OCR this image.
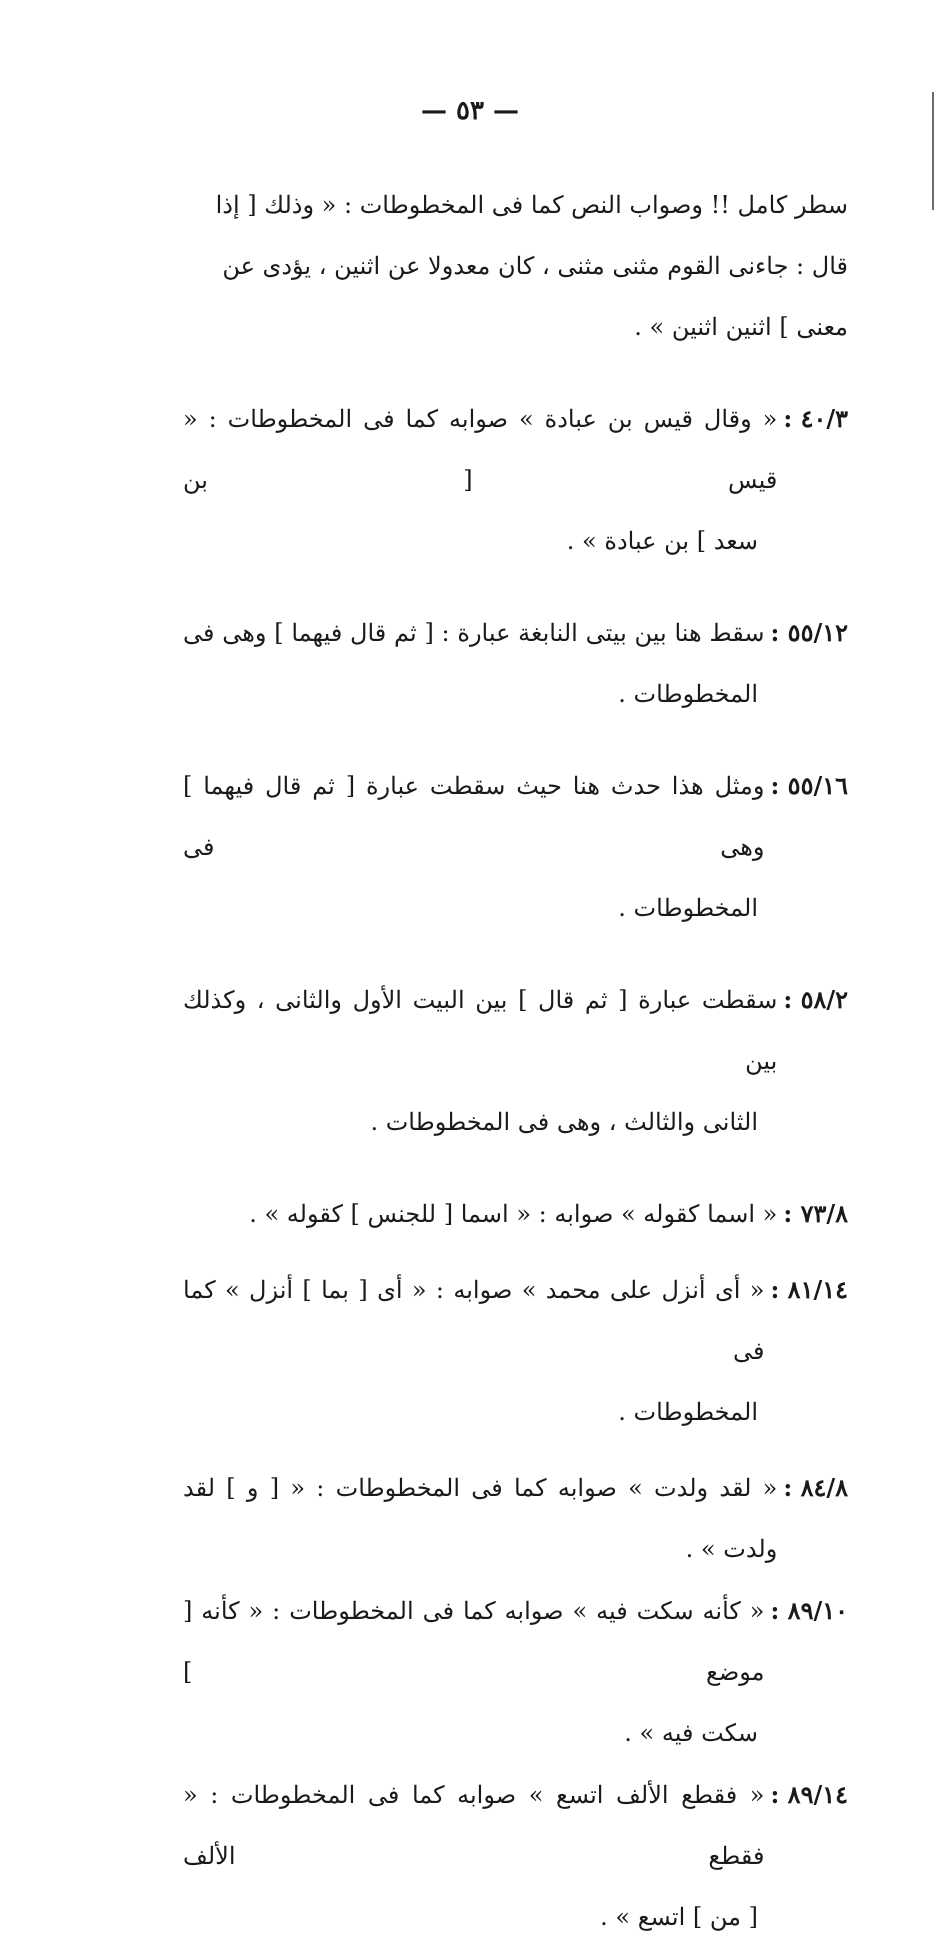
— ٥٣ —

سطر كامل !! وصواب النص كما فى المخطوطات : « وذلك [ إذا

قال : جاءنى القوم مثنى مثنى ، كان معدولا عن اثنين ، يؤدى عن

معنى ] اثنين اثنين » .

٤٠/٣ :
« وقال قيس بن عبادة » صوابه كما فى المخطوطات : « قيس [ بن
سعد ] بن عبادة » .
٥٥/١٢ :
سقط هنا بين بيتى النابغة عبارة : [ ثم قال فيهما ] وهى فى
المخطوطات .
٥٥/١٦ :
ومثل هذا حدث هنا حيث سقطت عبارة [ ثم قال فيهما ] وهى فى
المخطوطات .
٥٨/٢ :
سقطت عبارة [ ثم قال ] بين البيت الأول والثانى ، وكذلك بين
الثانى والثالث ، وهى فى المخطوطات .
٧٣/٨ :
« اسما كقوله » صوابه : « اسما [ للجنس ] كقوله » .
٨١/١٤ :
« أى أنزل على محمد » صوابه : « أى [ بما ] أنزل » كما فى
المخطوطات .
٨٤/٨ :
« لقد ولدت » صوابه كما فى المخطوطات : « [ و ] لقد ولدت » .
٨٩/١٠ :
« كأنه سكت فيه » صوابه كما فى المخطوطات : « كأنه [ موضع ]
سكت فيه » .
٨٩/١٤ :
« فقطع الألف اتسع » صوابه كما فى المخطوطات : « فقطع الألف
[ من ] اتسع » .
